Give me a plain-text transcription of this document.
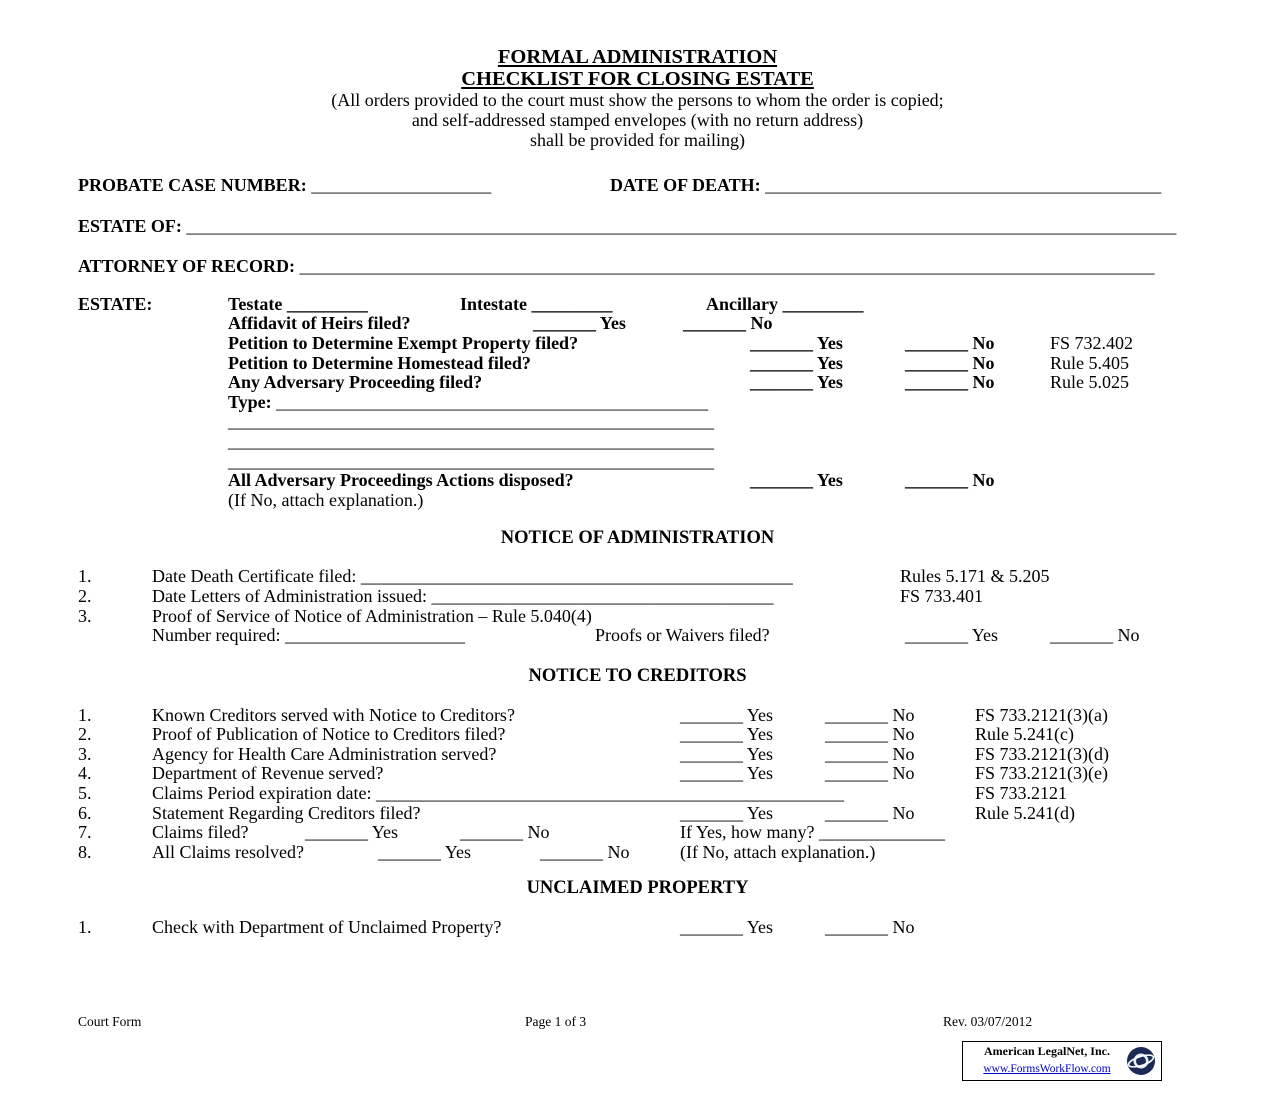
FORMAL ADMINISTRATION
CHECKLIST FOR CLOSING ESTATE
(All orders provided to the court must show the persons to whom the order is copied;
and self-addressed stamped envelopes (with no return address)
shall be provided for mailing)
PROBATE CASE NUMBER: ____________________	DATE OF DEATH: ____________________________________________
ESTATE OF: ______________________________________________________________________________________________________________
ATTORNEY OF RECORD: _______________________________________________________________________________________________
ESTATE:	Testate _________	Intestate _________	Ancillary _________
Affidavit of Heirs filed?	_______ Yes	_______ No
Petition to Determine Exempt Property filed?	_______ Yes	_______ No	FS 732.402
Petition to Determine Homestead filed?	_______ Yes	_______ No	Rule 5.405
Any Adversary Proceeding filed?	_______ Yes	_______ No	Rule 5.025
Type: ________________________________________________
______________________________________________________
______________________________________________________
______________________________________________________
All Adversary Proceedings Actions disposed?	_______ Yes	_______ No
(If No, attach explanation.)
NOTICE OF ADMINISTRATION
1.	Date Death Certificate filed: ________________________________________________	Rules 5.171 & 5.205
2.	Date Letters of Administration issued: ______________________________________	FS 733.401
3.	Proof of Service of Notice of Administration – Rule 5.040(4)
Number required: ____________________	Proofs or Waivers filed?	_______ Yes	_______ No
NOTICE TO CREDITORS
1.	Known Creditors served with Notice to Creditors?	_______ Yes	_______ No	FS 733.2121(3)(a)
2.	Proof of Publication of Notice to Creditors filed?	_______ Yes	_______ No	Rule 5.241(c)
3.	Agency for Health Care Administration served?	_______ Yes	_______ No	FS 733.2121(3)(d)
4.	Department of Revenue served?	_______ Yes	_______ No	FS 733.2121(3)(e)
5.	Claims Period expiration date: ____________________________________________________	FS 733.2121
6.	Statement Regarding Creditors filed?	_______ Yes	_______ No	Rule 5.241(d)
7.	Claims filed?	_______ Yes	_______ No	If Yes, how many? ______________
8.	All Claims resolved?	_______ Yes	_______ No	(If No, attach explanation.)
UNCLAIMED PROPERTY
1.	Check with Department of Unclaimed Property?	_______ Yes	_______ No
Court Form	Page 1 of 3	Rev. 03/07/2012
American LegalNet, Inc.
www.FormsWorkFlow.com
